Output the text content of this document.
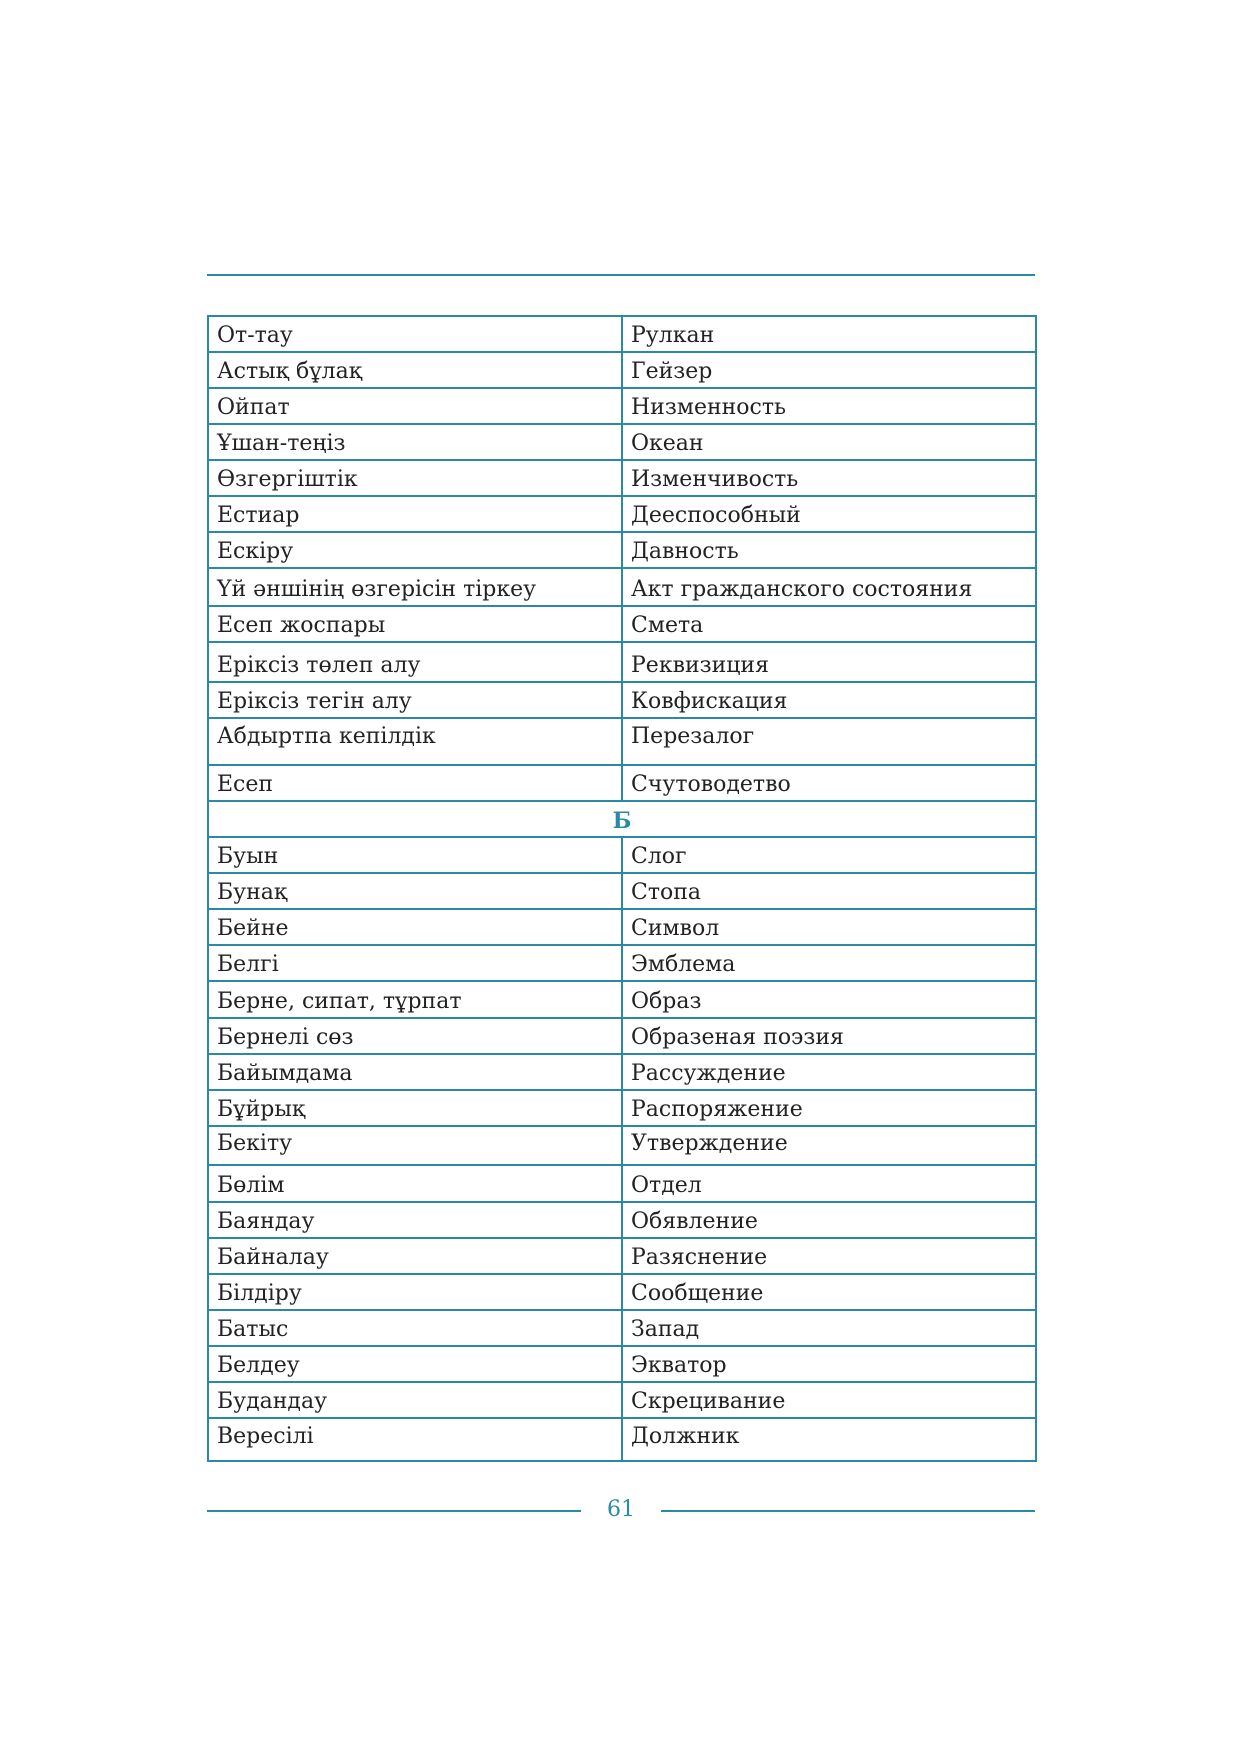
От-тау	Рулкан
Астық бұлақ	Гейзер
Ойпат	Низменность
Ұшан-теңіз	Океан
Өзгергіштік	Изменчивость
Естиар	Дееспособный
Ескіру	Давность
Үй әншінің өзгерісін тіркеу	Акт гражданского состояния
Есеп жоспары	Смета
Еріксіз төлеп алу	Реквизиция
Еріксіз тегін алу	Ковфискация
Абдыртпа кепілдік	Перезалог
Есеп	Счутоводетво
Б	
Буын	Слог
Бунақ	Стопа
Бейне	Символ
Белгі	Эмблема
Берне, сипат, тұрпат	Образ
Бернелі сөз	Образеная поэзия
Байымдама	Рассуждение
Бұйрық	Распоряжение
Бекіту	Утверждение
Бөлім	Отдел
Баяндау	Обявление
Байналау	Разяснение
Білдіру	Сообщение
Батыс	Запад
Белдеу	Экватор
Будандау	Скрецивание
Beресілі	Должник
61
